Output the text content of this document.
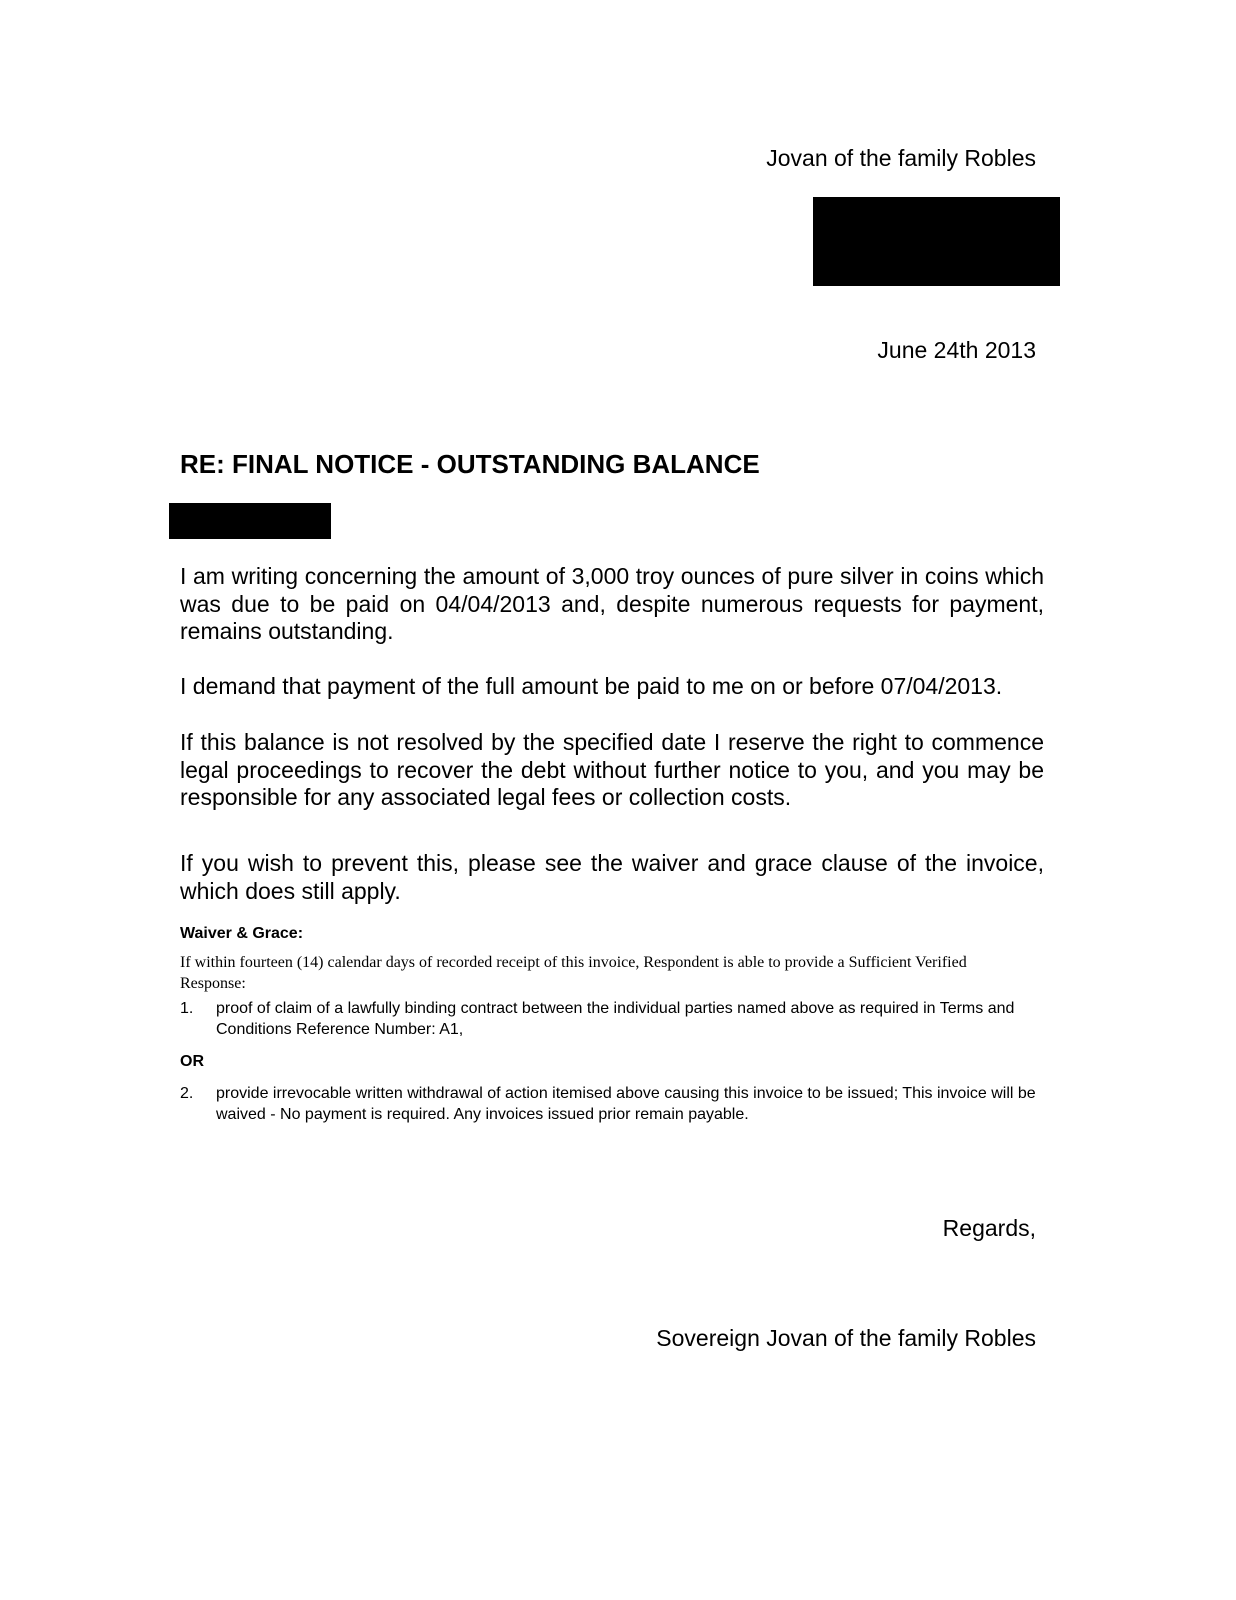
Jovan of the family Robles
June 24th 2013
RE: FINAL NOTICE - OUTSTANDING BALANCE

I am writing concerning the amount of 3,000 troy ounces of pure silver in coins which was due to be paid on 04/04/2013 and, despite numerous requests for payment, remains outstanding.

I demand that payment of the full amount be paid to me on or before 07/04/2013.

If this balance is not resolved by the specified date I reserve the right to commence legal proceedings to recover the debt without further notice to you, and you may be responsible for any associated legal fees or collection costs.

If you wish to prevent this, please see the waiver and grace clause of the invoice, which does still apply.

Waiver & Grace:
If within fourteen (14) calendar days of recorded receipt of this invoice, Respondent is able to provide a Sufficient Verified Response:
1. proof of claim of a lawfully binding contract between the individual parties named above as required in Terms and Conditions Reference Number: A1,
OR
2. provide irrevocable written withdrawal of action itemised above causing this invoice to be issued; This invoice will be waived - No payment is required. Any invoices issued prior remain payable.
Regards,
Sovereign Jovan of the family Robles
